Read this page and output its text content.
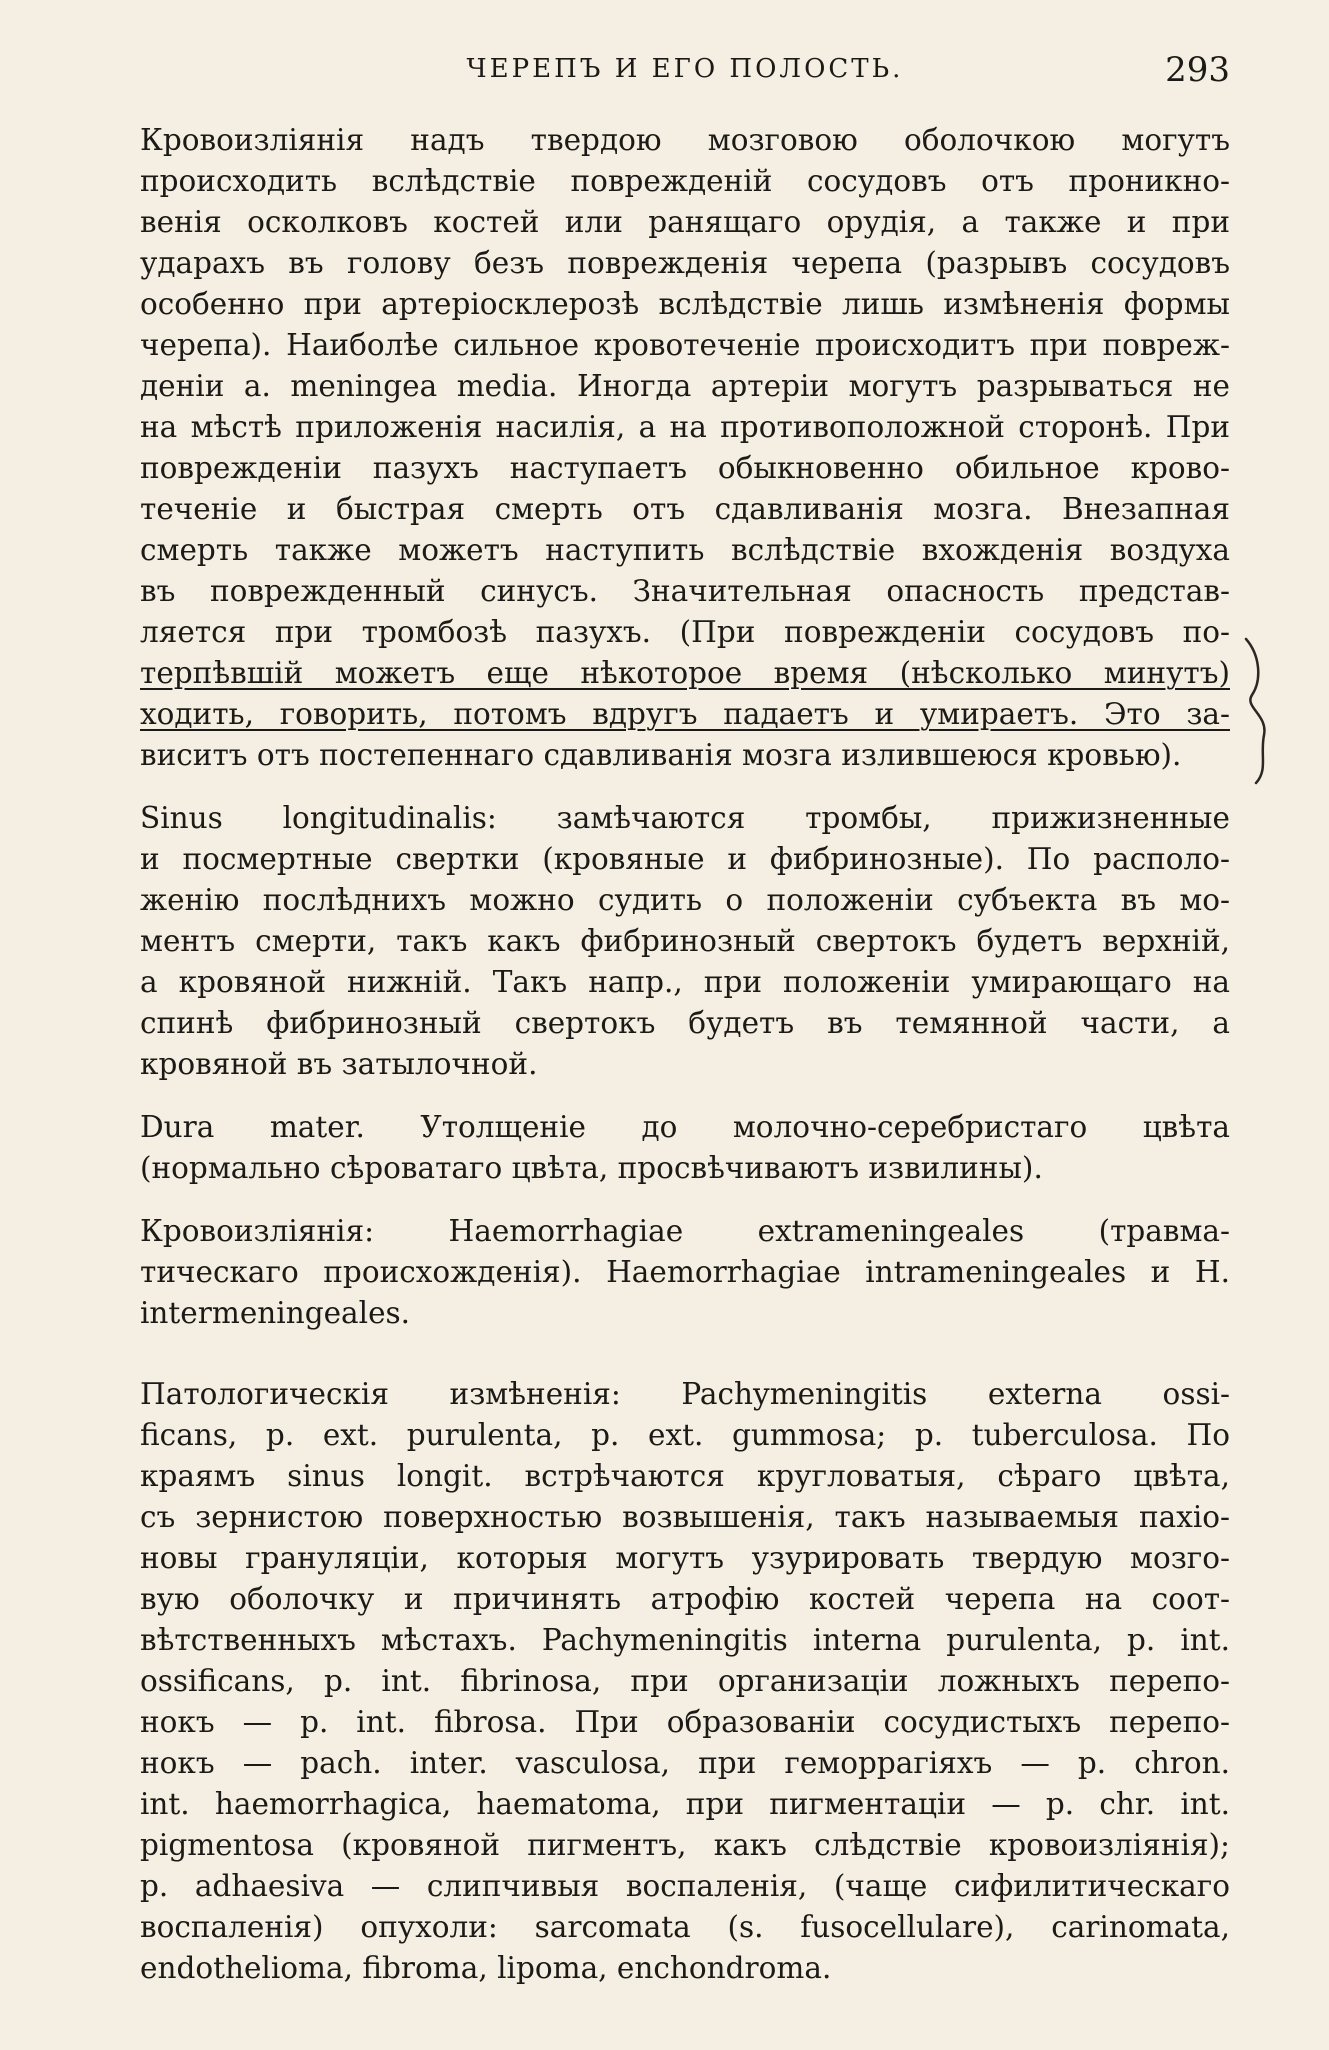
ЧЕРЕПЪ И ЕГО ПОЛОСТЬ.	293
Кровоизліянія надъ твердою мозговою оболочкою могутъ
происходить вслѣдствіе поврежденій сосудовъ отъ проникно-
венія осколковъ костей или ранящаго орудія, а также и при
ударахъ въ голову безъ поврежденія черепа (разрывъ сосудовъ
особенно при артеріосклерозѣ вслѣдствіе лишь измѣненія формы
черепа). Наиболѣе сильное кровотеченіе происходитъ при повреж-
деніи a. meningea media. Иногда артеріи могутъ разрываться не
на мѣстѣ приложенія насилія, а на противоположной сторонѣ. При
поврежденіи пазухъ наступаетъ обыкновенно обильное крово-
теченіе и быстрая смерть отъ сдавливанія мозга. Внезапная
смерть также можетъ наступить вслѣдствіе вхожденія воздуха
въ поврежденный синусъ. Значительная опасность представ-
ляется при тромбозѣ пазухъ. (При поврежденіи сосудовъ по-
терпѣвшій можетъ еще нѣкоторое время (нѣсколько минутъ)
ходить, говорить, потомъ вдругъ падаетъ и умираетъ. Это за-
виситъ отъ постепеннаго сдавливанія мозга излившеюся кровью).
Sinus longitudinalis: замѣчаются тромбы, прижизненные
и посмертные свертки (кровяные и фибринозные). По располо-
женію послѣднихъ можно судить о положеніи субъекта въ мо-
ментъ смерти, такъ какъ фибринозный свертокъ будетъ верхній,
а кровяной нижній. Такъ напр., при положеніи умирающаго на
спинѣ фибринозный свертокъ будетъ въ темянной части, а
кровяной въ затылочной.
Dura mater. Утолщеніе до молочно-серебристаго цвѣта
(нормально сѣроватаго цвѣта, просвѣчиваютъ извилины).
Кровоизліянія: Haemorrhagiae extrameningeales (травма-
тическаго происхожденія). Haemorrhagiae intrameningeales и H.
intermeningeales.
Патологическія измѣненія: Pachymeningitis externa ossi-
ficans, p. ext. purulenta, p. ext. gummosa; p. tuberculosa. По
краямъ sinus longit. встрѣчаются кругловатыя, сѣраго цвѣта,
съ зернистою поверхностью возвышенія, такъ называемыя пахіо-
новы грануляціи, которыя могутъ узурировать твердую мозго-
вую оболочку и причинять атрофію костей черепа на соот-
вѣтственныхъ мѣстахъ. Pachymeningitis interna purulenta, p. int.
ossificans, p. int. fibrinosa, при организаціи ложныхъ перепо-
нокъ — p. int. fibrosa. При образованіи сосудистыхъ перепо-
нокъ — pach. inter. vasculosa, при геморрагіяхъ — p. chron.
int. haemorrhagica, haematoma, при пигментаціи — p. chr. int.
pigmentosa (кровяной пигментъ, какъ слѣдствіе кровоизліянія);
p. adhaesiva — слипчивыя воспаленія, (чаще сифилитическаго
воспаленія) опухоли: sarcomata (s. fusocellulare), carinomata,
endothelioma, fibroma, lipoma, enchondroma.
